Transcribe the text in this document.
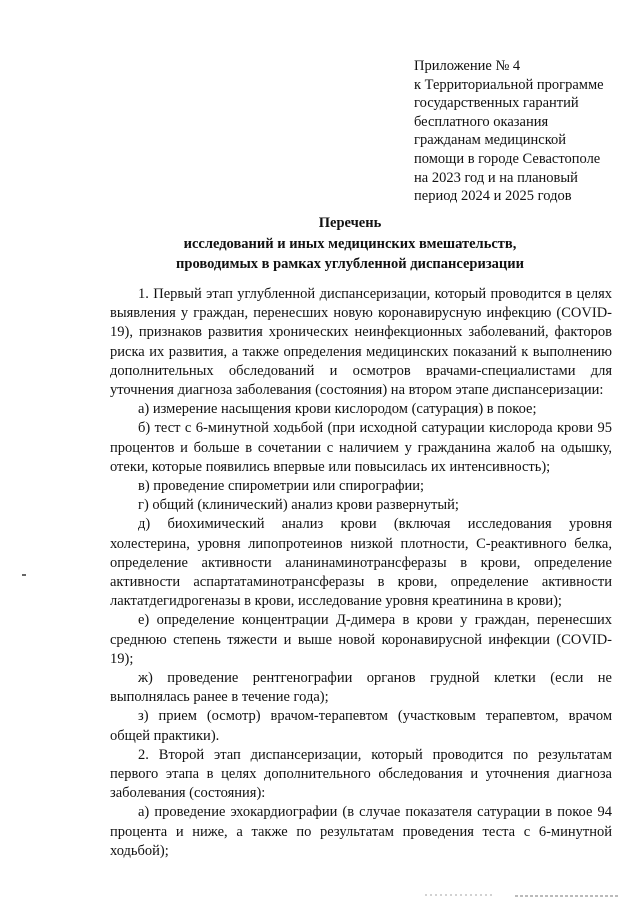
Приложение № 4
к Территориальной программе
государственных гарантий
бесплатного оказания
гражданам медицинской
помощи в городе Севастополе
на 2023 год и на плановый
период 2024 и 2025 годов
Перечень
исследований и иных медицинских вмешательств,
проводимых в рамках углубленной диспансеризации

1. Первый этап углубленной диспансеризации, который проводится в целях выявления у граждан, перенесших новую коронавирусную инфекцию (COVID-19), признаков развития хронических неинфекционных заболеваний, факторов риска их развития, а также определения медицинских показаний к выполнению дополнительных обследований и осмотров врачами-специалистами для уточнения диагноза заболевания (состояния) на втором этапе диспансеризации:

а) измерение насыщения крови кислородом (сатурация) в покое;

б) тест с 6-минутной ходьбой (при исходной сатурации кислорода крови 95 процентов и больше в сочетании с наличием у гражданина жалоб на одышку, отеки, которые появились впервые или повысилась их интенсивность);

в) проведение спирометрии или спирографии;

г) общий (клинический) анализ крови развернутый;

д) биохимический анализ крови (включая исследования уровня холестерина, уровня липопротеинов низкой плотности, С-реактивного белка, определение активности аланинаминотрансферазы в крови, определение активности аспартатаминотрансферазы в крови, определение активности лактатдегидрогеназы в крови, исследование уровня креатинина в крови);

е) определение концентрации Д-димера в крови у граждан, перенесших среднюю степень тяжести и выше новой коронавирусной инфекции (COVID-19);

ж) проведение рентгенографии органов грудной клетки (если не выполнялась ранее в течение года);

з) прием (осмотр) врачом-терапевтом (участковым терапевтом, врачом общей практики).

2. Второй этап диспансеризации, который проводится по результатам первого этапа в целях дополнительного обследования и уточнения диагноза заболевания (состояния):

а) проведение эхокардиографии (в случае показателя сатурации в покое 94 процента и ниже, а также по результатам проведения теста с 6-минутной ходьбой);
